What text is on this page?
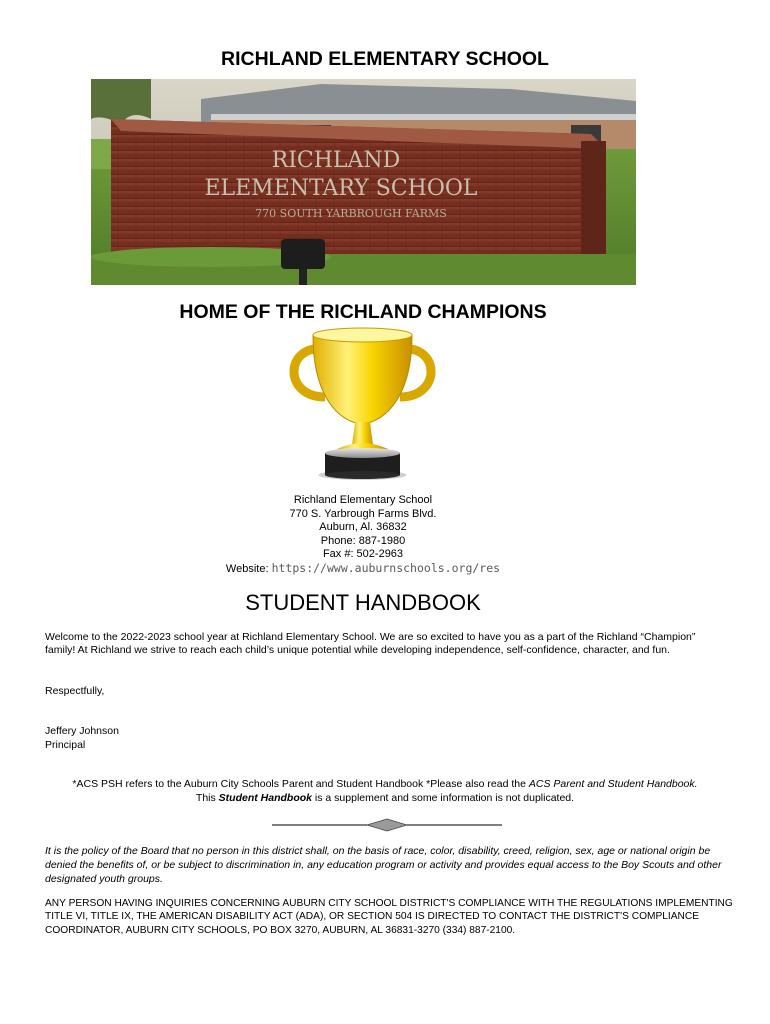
RICHLAND ELEMENTARY SCHOOL
RICHLAND
ELEMENTARY SCHOOL
770 SOUTH YARBROUGH FARMS
HOME OF THE RICHLAND CHAMPIONS
Richland Elementary School
770 S. Yarbrough Farms Blvd.
Auburn, Al. 36832
Phone: 887-1980
Fax #: 502-2963
Website: https://www.auburnschools.org/res
STUDENT HANDBOOK
Welcome to the 2022-2023 school year at Richland Elementary School. We are so excited to have you as a part of the Richland “Champion” family! At Richland we strive to reach each child’s unique potential while developing independence, self-confidence, character, and fun.
Respectfully,
Jeffery Johnson
Principal
*ACS PSH refers to the Auburn City Schools Parent and Student Handbook *Please also read the ACS Parent and Student Handbook.
This Student Handbook is a supplement and some information is not duplicated.
It is the policy of the Board that no person in this district shall, on the basis of race, color, disability, creed, religion, sex, age or national origin be denied the benefits of, or be subject to discrimination in, any education program or activity and provides equal access to the Boy Scouts and other designated youth groups.
ANY PERSON HAVING INQUIRIES CONCERNING AUBURN CITY SCHOOL DISTRICT'S COMPLIANCE WITH THE REGULATIONS IMPLEMENTING TITLE VI, TITLE IX, THE AMERICAN DISABILITY ACT (ADA), OR SECTION 504 IS DIRECTED TO CONTACT THE DISTRICT'S COMPLIANCE COORDINATOR, AUBURN CITY SCHOOLS, PO BOX 3270, AUBURN, AL 36831-3270 (334) 887-2100.
